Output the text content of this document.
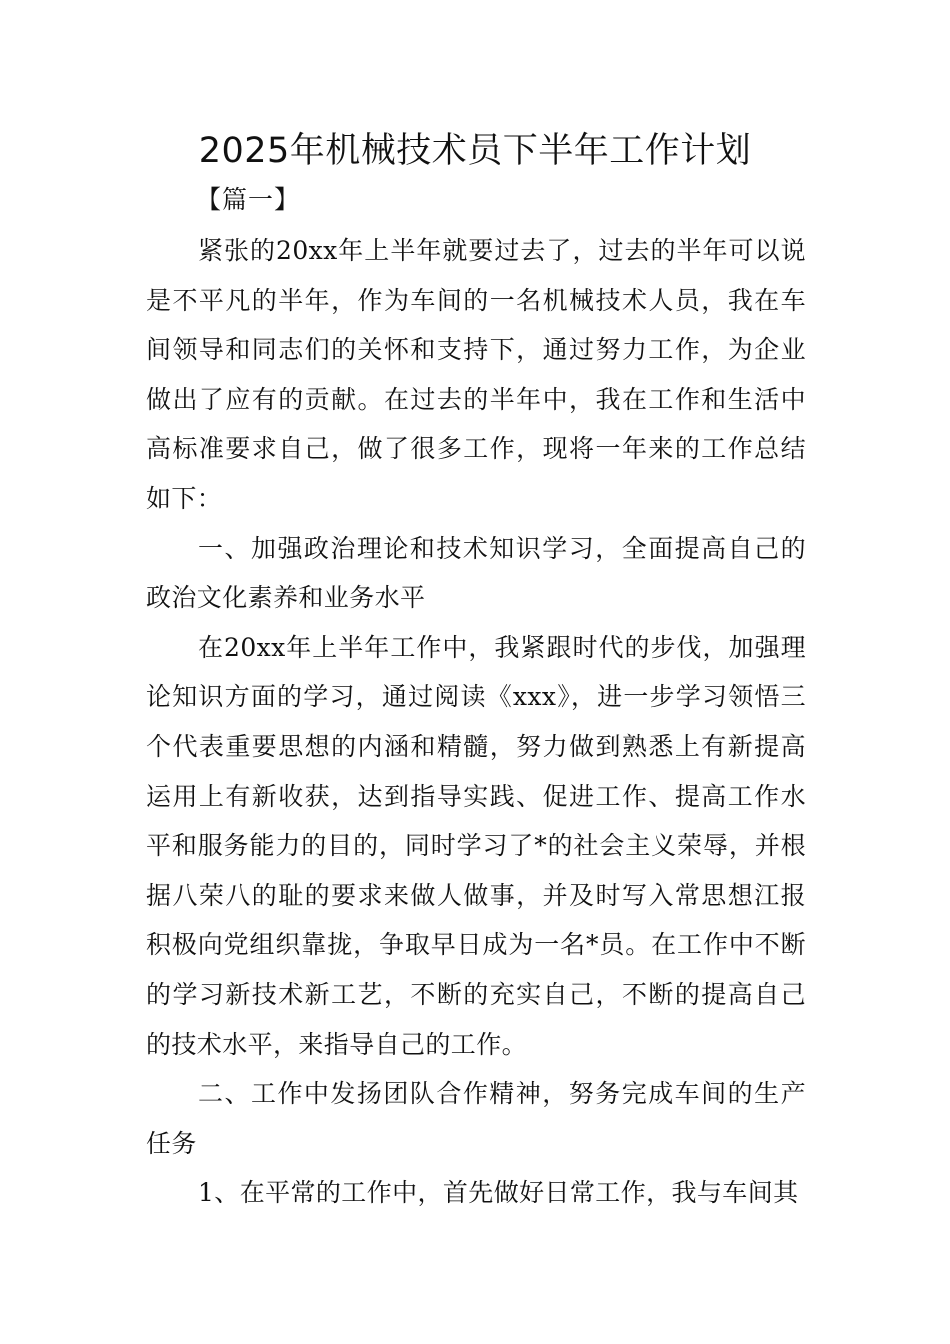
2025年机械技术员下半年工作计划

【篇一】

紧张的20xx年上半年就要过去了，过去的半年可以说是不平凡的半年，作为车间的一名机械技术人员，我在车间领导和同志们的关怀和支持下，通过努力工作，为企业做出了应有的贡献。在过去的半年中，我在工作和生活中高标准要求自己，做了很多工作，现将一年来的工作总结如下：

一、加强政治理论和技术知识学习，全面提高自己的政治文化素养和业务水平

在20xx年上半年工作中，我紧跟时代的步伐，加强理论知识方面的学习，通过阅读《xxx》，进一步学习领悟三个代表重要思想的内涵和精髓，努力做到熟悉上有新提高运用上有新收获，达到指导实践、促进工作、提高工作水平和服务能力的目的，同时学习了*的社会主义荣辱，并根据八荣八的耻的要求来做人做事，并及时写入常思想江报积极向党组织靠拢，争取早日成为一名*员。在工作中不断的学习新技术新工艺，不断的充实自己，不断的提高自己的技术水平，来指导自己的工作。

二、工作中发扬团队合作精神，努务完成车间的生产任务

1、在平常的工作中，首先做好日常工作，我与车间其
